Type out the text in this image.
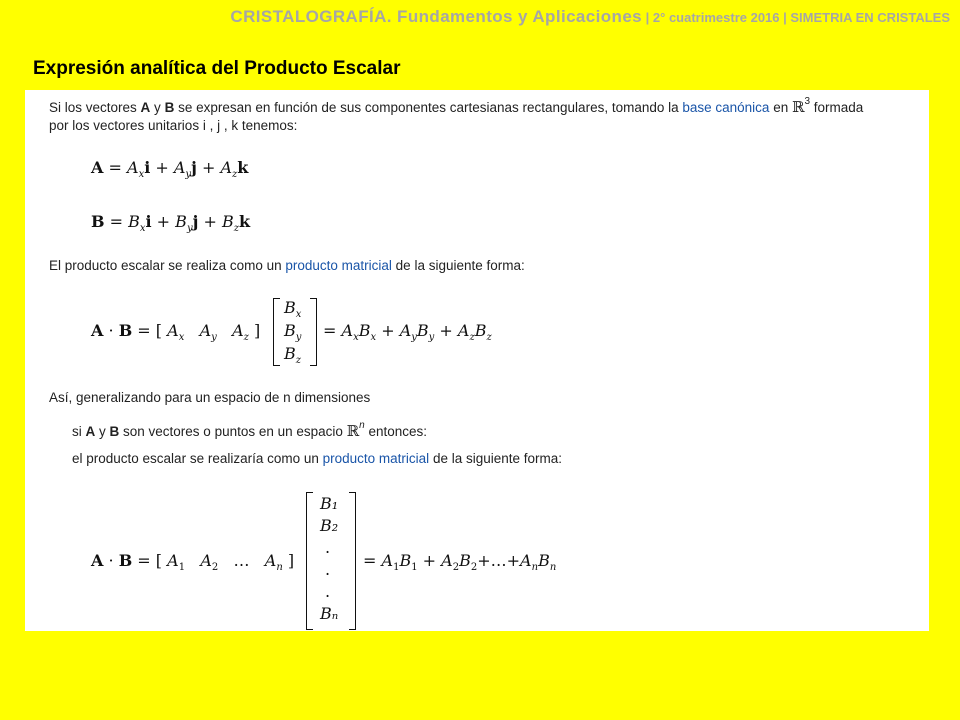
CRISTALOGRAFÍA. Fundamentos y Aplicaciones | 2° cuatrimestre 2016 | SIMETRIA EN CRISTALES
Expresión analítica del Producto Escalar
Si los vectores A y B se expresan en función de sus componentes cartesianas rectangulares, tomando la base canónica en ℝ$^3$ formada
por los vectores unitarios i , j , k tenemos:
$A = A_xi + A_yj + A_zk$
$B = B_xi + B_yj + B_zk$
El producto escalar se realiza como un producto matricial de la siguiente forma:
A · B = [ $A_x$ $A_y$ $A_z$ ]
$B_x$
$B_y$
$B_z$
= $A_xB_x + A_yB_y + A_zB_z$
Así, generalizando para un espacio de n dimensiones
si A y B son vectores o puntos en un espacio ℝ$^n$ entonces:
el producto escalar se realizaría como un producto matricial de la siguiente forma:
A · B = [ $A_1$ $A_2$   …   $A_n$ ]
B₁
B₂
.
.
.
Bₙ
= $A_1B_1$ + $A_2B_2+\dots+A_nB_n$
